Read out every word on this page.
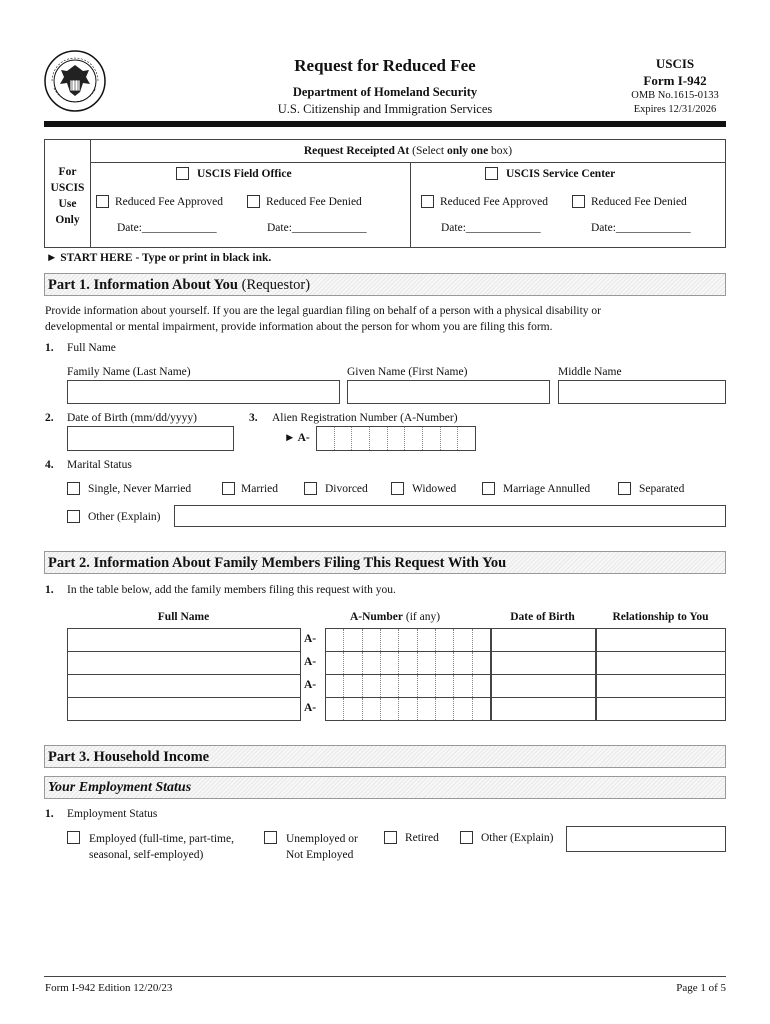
Request for Reduced Fee
Department of Homeland Security
U.S. Citizenship and Immigration Services
USCIS
Form I-942
OMB No.1615-0133
Expires 12/31/2026
For
USCIS
Use
Only
Request Receipted At (Select only one box)
USCIS Field Office
Reduced Fee Approved	Reduced Fee Denied
Date:_____________	Date:_____________
USCIS Service Center
Reduced Fee Approved	Reduced Fee Denied
Date:_____________	Date:_____________
► START HERE - Type or print in black ink.
Part 1. Information About You (Requestor)
Provide information about yourself. If you are the legal guardian filing on behalf of a person with a physical disability or
developmental or mental impairment, provide information about the person for whom you are filing this form.
1. Full Name
Family Name (Last Name)	Given Name (First Name)	Middle Name
2. Date of Birth (mm/dd/yyyy)	3. Alien Registration Number (A-Number)
► A-
4. Marital Status
Single, Never Married	Married	Divorced	Widowed	Marriage Annulled	Separated
Other (Explain)
Part 2. Information About Family Members Filing This Request With You
1. In the table below, add the family members filing this request with you.
Full Name	A-Number (if any)	Date of Birth	Relationship to You
A-
A-
A-
A-
Part 3. Household Income
Your Employment Status
1. Employment Status
Employed (full-time, part-time,
seasonal, self-employed)
Unemployed or
Not Employed
Retired	Other (Explain)
Form I-942 Edition 12/20/23	Page 1 of 5
